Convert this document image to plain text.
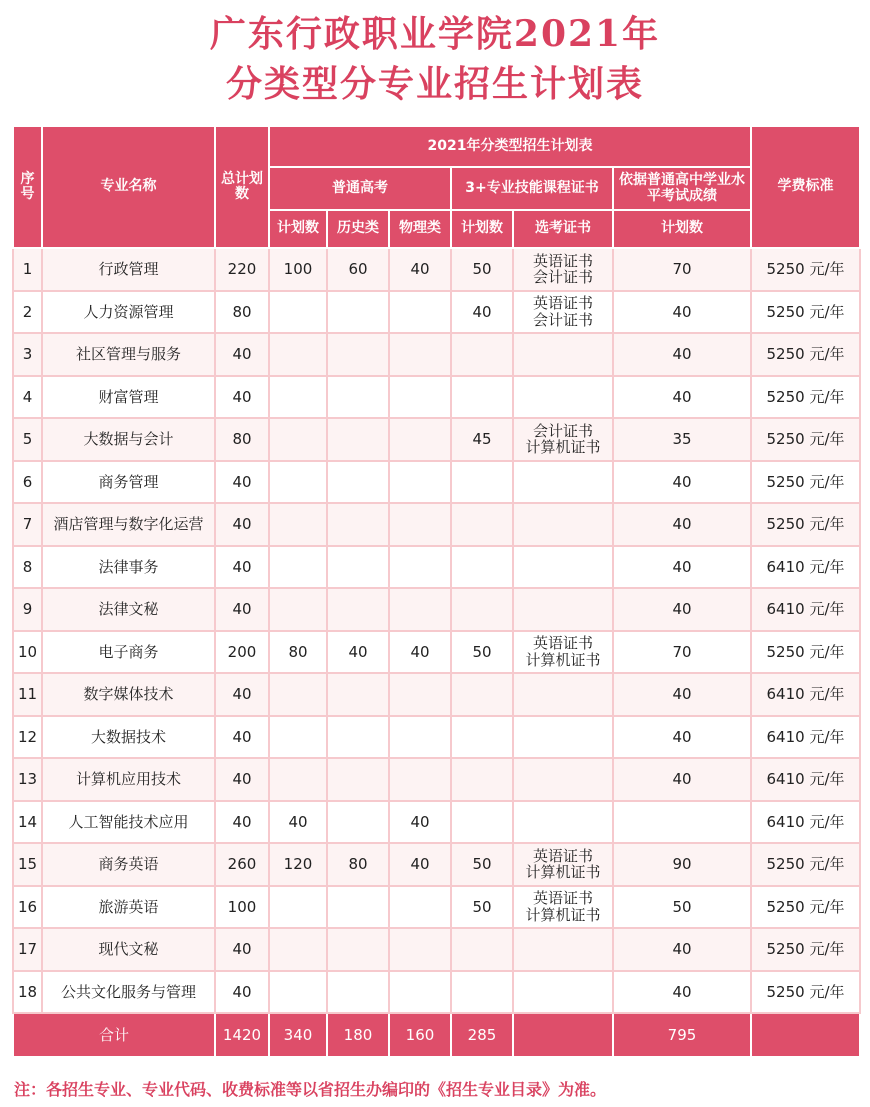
广东行政职业学院2021年
分类型分专业招生计划表
序号	专业名称	总计划数	2021年分类型招生计划表						学费标准
			普通高考			3+专业技能课程证书		依据普通高中学业水平考试成绩	
			计划数	历史类	物理类	计划数	选考证书	计划数	
1	行政管理	220	100	60	40	50	英语证书
会计证书	70	5250 元/年
2	人力资源管理	80				40	英语证书
会计证书	40	5250 元/年
3	社区管理与服务	40						40	5250 元/年
4	财富管理	40						40	5250 元/年
5	大数据与会计	80				45	会计证书
计算机证书	35	5250 元/年
6	商务管理	40						40	5250 元/年
7	酒店管理与数字化运营	40						40	5250 元/年
8	法律事务	40						40	6410 元/年
9	法律文秘	40						40	6410 元/年
10	电子商务	200	80	40	40	50	英语证书
计算机证书	70	5250 元/年
11	数字媒体技术	40						40	6410 元/年
12	大数据技术	40						40	6410 元/年
13	计算机应用技术	40						40	6410 元/年
14	人工智能技术应用	40	40		40				6410 元/年
15	商务英语	260	120	80	40	50	英语证书
计算机证书	90	5250 元/年
16	旅游英语	100				50	英语证书
计算机证书	50	5250 元/年
17	现代文秘	40						40	5250 元/年
18	公共文化服务与管理	40						40	5250 元/年
合计		1420	340	180	160	285		795	
注：各招生专业、专业代码、收费标准等以省招生办编印的《招生专业目录》为准。
